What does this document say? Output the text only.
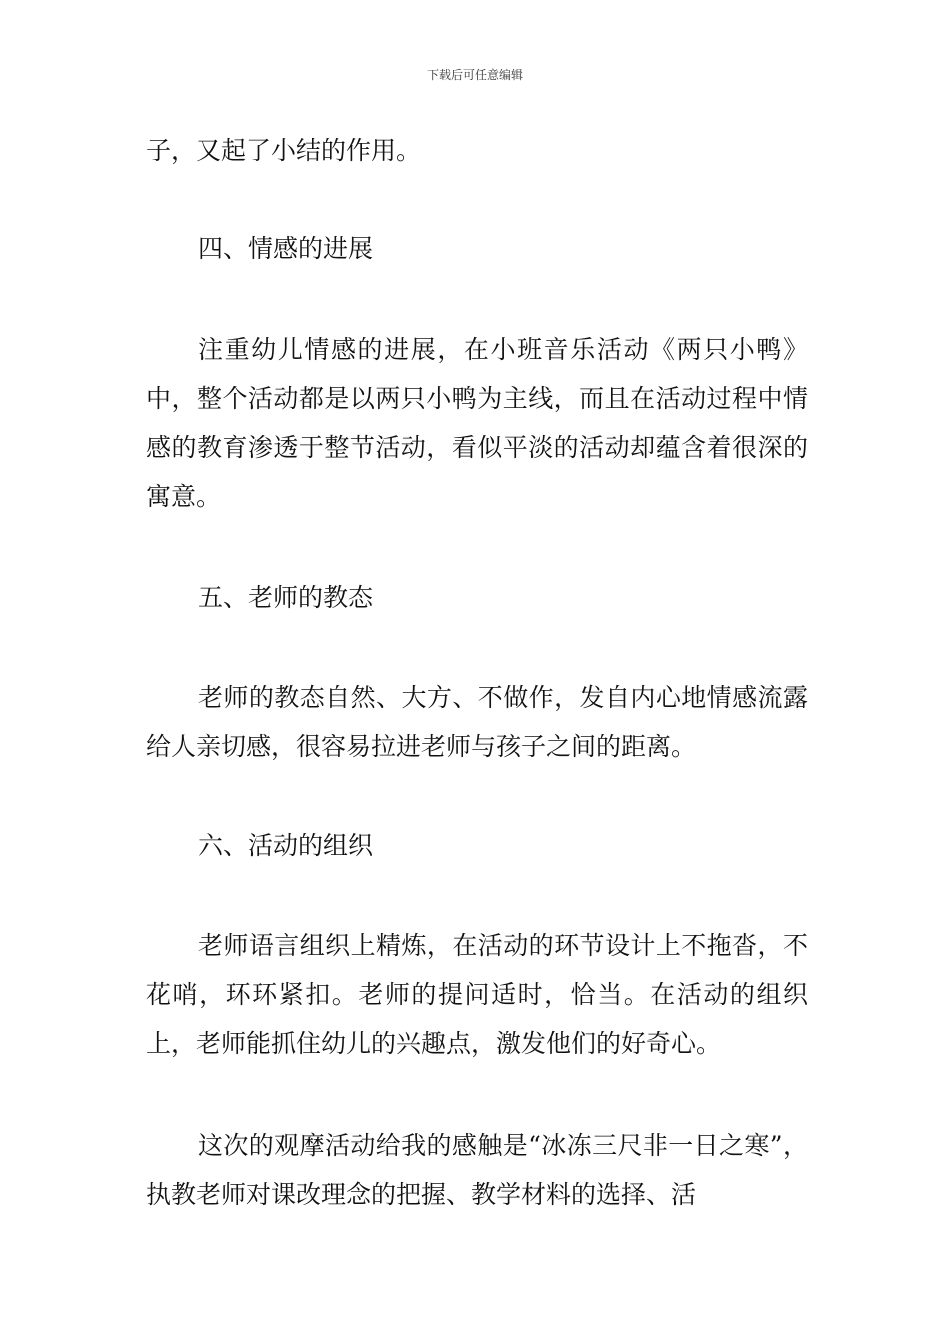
下载后可任意编辑

子，又起了小结的作用。

四、情感的进展

注重幼儿情感的进展，在小班音乐活动《两只小鸭》中，整个活动都是以两只小鸭为主线，而且在活动过程中情感的教育渗透于整节活动，看似平淡的活动却蕴含着很深的寓意。

五、老师的教态

老师的教态自然、大方、不做作，发自内心地情感流露给人亲切感，很容易拉进老师与孩子之间的距离。

六、活动的组织

老师语言组织上精炼，在活动的环节设计上不拖沓，不花哨，环环紧扣。老师的提问适时，恰当。在活动的组织上，老师能抓住幼儿的兴趣点，激发他们的好奇心。

这次的观摩活动给我的感触是“冰冻三尺非一日之寒”，执教老师对课改理念的把握、教学材料的选择、活
